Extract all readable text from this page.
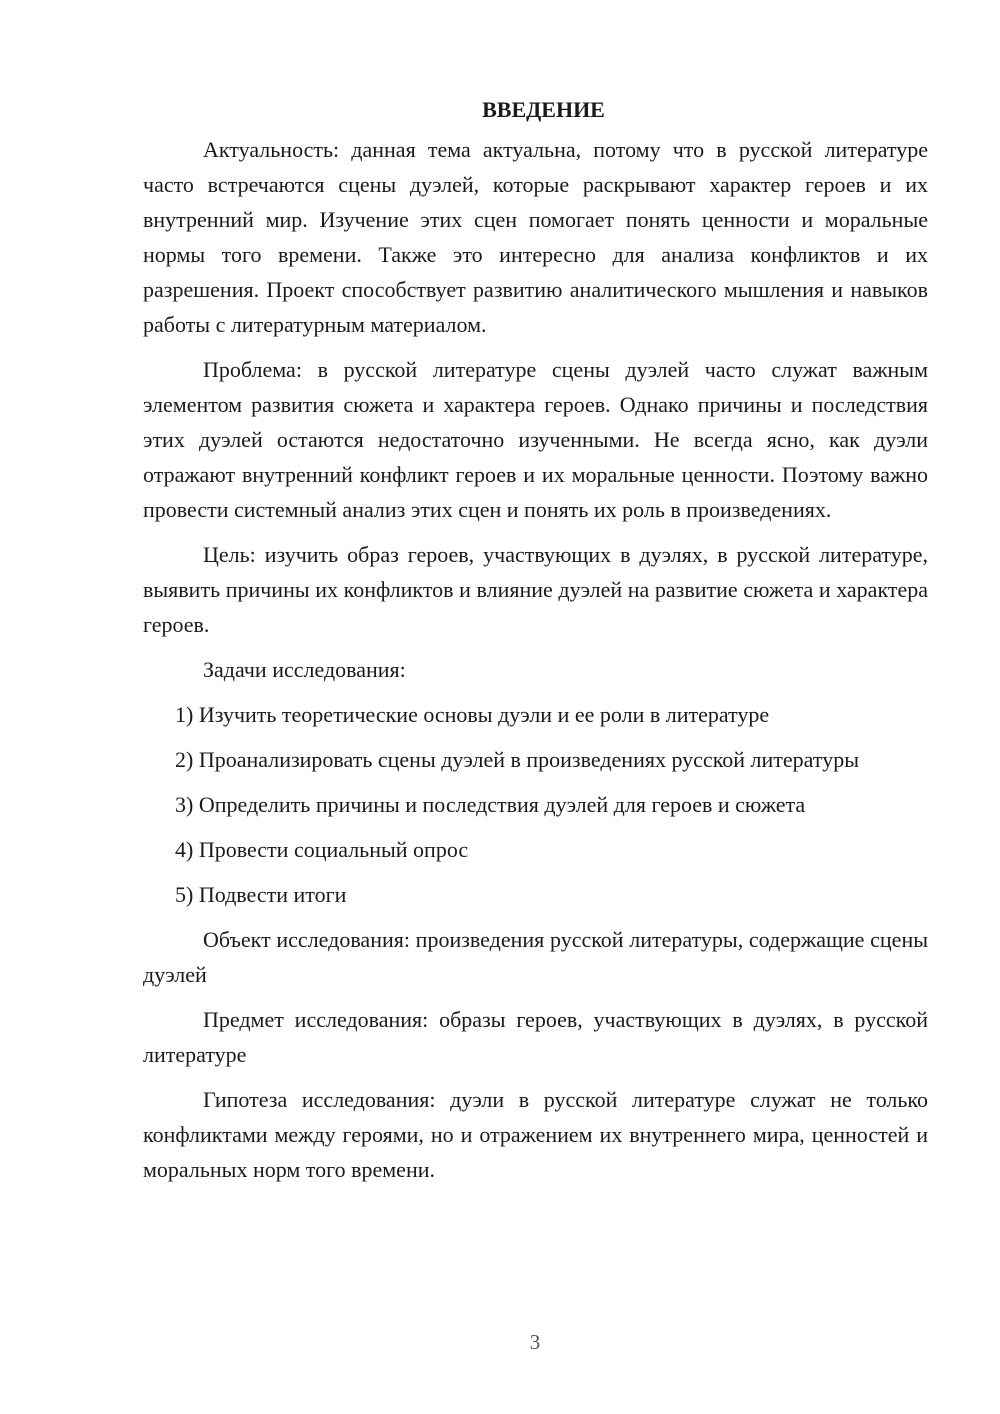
ВВЕДЕНИЕ

Актуальность: данная тема актуальна, потому что в русской литературе часто встречаются сцены дуэлей, которые раскрывают характер героев и их внутренний мир. Изучение этих сцен помогает понять ценности и моральные нормы того времени. Также это интересно для анализа конфликтов и их разрешения. Проект способствует развитию аналитического мышления и навыков работы с литературным материалом.

Проблема: в русской литературе сцены дуэлей часто служат важным элементом развития сюжета и характера героев. Однако причины и последствия этих дуэлей остаются недостаточно изученными. Не всегда ясно, как дуэли отражают внутренний конфликт героев и их моральные ценности. Поэтому важно провести системный анализ этих сцен и понять их роль в произведениях.

Цель: изучить образ героев, участвующих в дуэлях, в русской литературе, выявить причины их конфликтов и влияние дуэлей на развитие сюжета и характера героев.

Задачи исследования:

1) Изучить теоретические основы дуэли и ее роли в литературе

2) Проанализировать сцены дуэлей в произведениях русской литературы

3) Определить причины и последствия дуэлей для героев и сюжета

4) Провести социальный опрос

5) Подвести итоги

Объект исследования: произведения русской литературы, содержащие сцены дуэлей

Предмет исследования: образы героев, участвующих в дуэлях, в русской литературе

Гипотеза исследования: дуэли в русской литературе служат не только конфликтами между героями, но и отражением их внутреннего мира, ценностей и моральных норм того времени.

3
